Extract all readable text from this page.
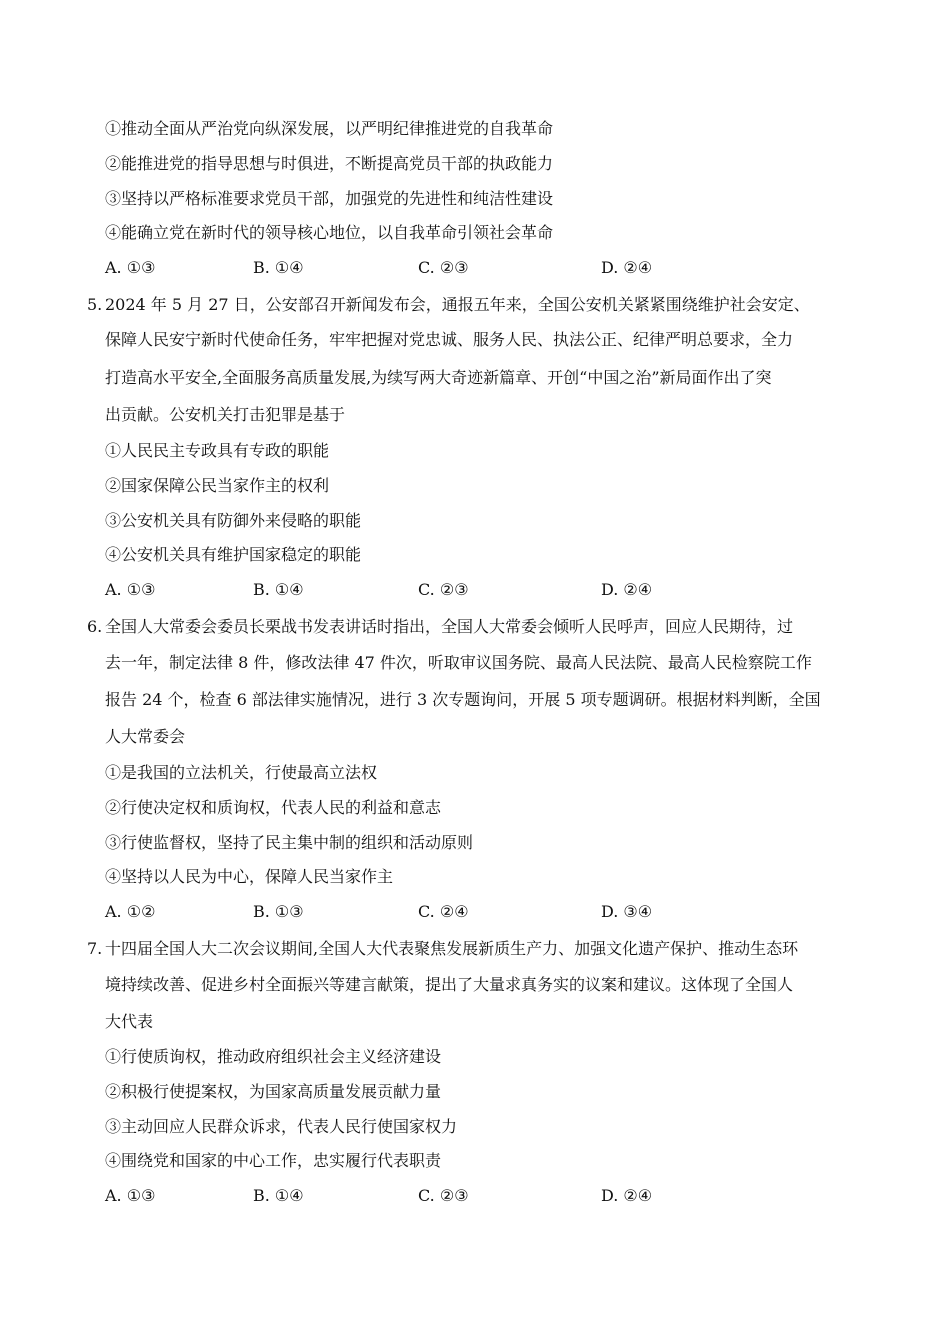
①推动全面从严治党向纵深发展，以严明纪律推进党的自我革命
②能推进党的指导思想与时俱进，不断提高党员干部的执政能力
③坚持以严格标准要求党员干部，加强党的先进性和纯洁性建设
④能确立党在新时代的领导核心地位，以自我革命引领社会革命
A. ①③	B. ①④	C. ②③	D. ②④
5. 2024 年 5 月 27 日，公安部召开新闻发布会，通报五年来，全国公安机关紧紧围绕维护社会安定、
保障人民安宁新时代使命任务，牢牢把握对党忠诚、服务人民、执法公正、纪律严明总要求，全力
打造高水平安全,全面服务高质量发展,为续写两大奇迹新篇章、开创“中国之治”新局面作出了突
出贡献。公安机关打击犯罪是基于
①人民民主专政具有专政的职能
②国家保障公民当家作主的权利
③公安机关具有防御外来侵略的职能
④公安机关具有维护国家稳定的职能
A. ①③	B. ①④	C. ②③	D. ②④
6. 全国人大常委会委员长栗战书发表讲话时指出，全国人大常委会倾听人民呼声，回应人民期待，过
去一年，制定法律 8 件，修改法律 47 件次，听取审议国务院、最高人民法院、最高人民检察院工作
报告 24 个，检查 6 部法律实施情况，进行 3 次专题询问，开展 5 项专题调研。根据材料判断，全国
人大常委会
①是我国的立法机关，行使最高立法权
②行使决定权和质询权，代表人民的利益和意志
③行使监督权，坚持了民主集中制的组织和活动原则
④坚持以人民为中心，保障人民当家作主
A. ①②	B. ①③	C. ②④	D. ③④
7. 十四届全国人大二次会议期间,全国人大代表聚焦发展新质生产力、加强文化遗产保护、推动生态环
境持续改善、促进乡村全面振兴等建言献策，提出了大量求真务实的议案和建议。这体现了全国人
大代表
①行使质询权，推动政府组织社会主义经济建设
②积极行使提案权，为国家高质量发展贡献力量
③主动回应人民群众诉求，代表人民行使国家权力
④围绕党和国家的中心工作，忠实履行代表职责
A. ①③	B. ①④	C. ②③	D. ②④
